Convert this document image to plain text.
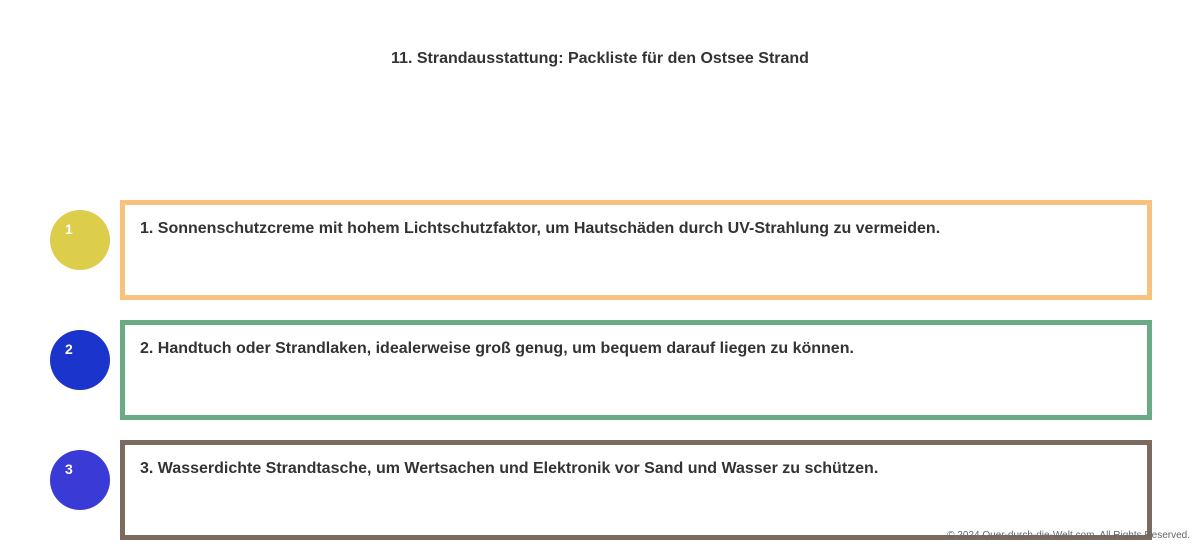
11. Strandausstattung: Packliste für den Ostsee Strand
1	1. Sonnenschutzcreme mit hohem Lichtschutzfaktor, um Hautschäden durch UV-Strahlung zu vermeiden.
2	2. Handtuch oder Strandlaken, idealerweise groß genug, um bequem darauf liegen zu können.
3	3. Wasserdichte Strandtasche, um Wertsachen und Elektronik vor Sand und Wasser zu schützen.
© 2024 Quer-durch-die-Welt.com. All Rights Reserved.
